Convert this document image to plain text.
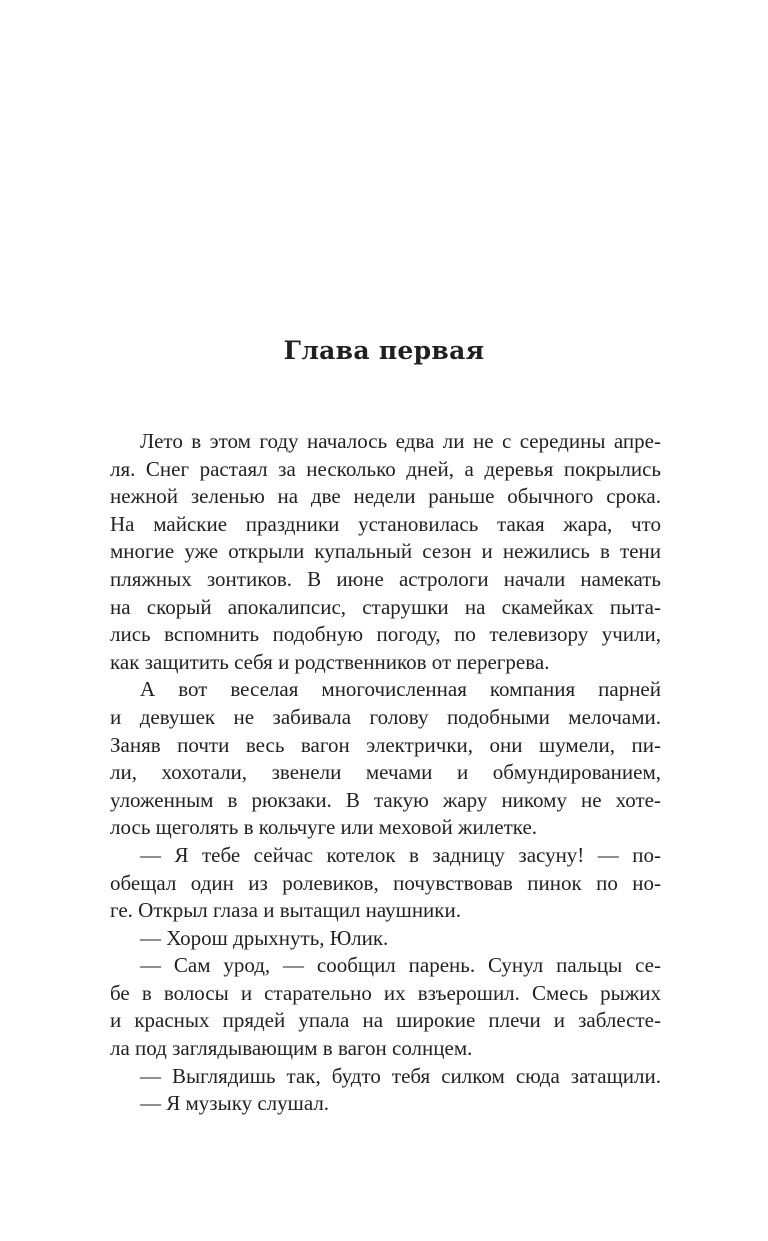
Глава первая
Лето в этом году началось едва ли не с середины апре-
ля. Снег растаял за несколько дней, а деревья покрылись
нежной зеленью на две недели раньше обычного срока.
На майские праздники установилась такая жара, что
многие уже открыли купальный сезон и нежились в тени
пляжных зонтиков. В июне астрологи начали намекать
на скорый апокалипсис, старушки на скамейках пыта-
лись вспомнить подобную погоду, по телевизору учили,
как защитить себя и родственников от перегрева.
А вот веселая многочисленная компания парней
и девушек не забивала голову подобными мелочами.
Заняв почти весь вагон электрички, они шумели, пи-
ли, хохотали, звенели мечами и обмундированием,
уложенным в рюкзаки. В такую жару никому не хоте-
лось щеголять в кольчуге или меховой жилетке.
— Я тебе сейчас котелок в задницу засуну! — по-
обещал один из ролевиков, почувствовав пинок по но-
ге. Открыл глаза и вытащил наушники.
— Хорош дрыхнуть, Юлик.
— Сам урод, — сообщил парень. Сунул пальцы се-
бе в волосы и старательно их взъерошил. Смесь рыжих
и красных прядей упала на широкие плечи и заблесте-
ла под заглядывающим в вагон солнцем.
— Выглядишь так, будто тебя силком сюда затащили.
— Я музыку слушал.
